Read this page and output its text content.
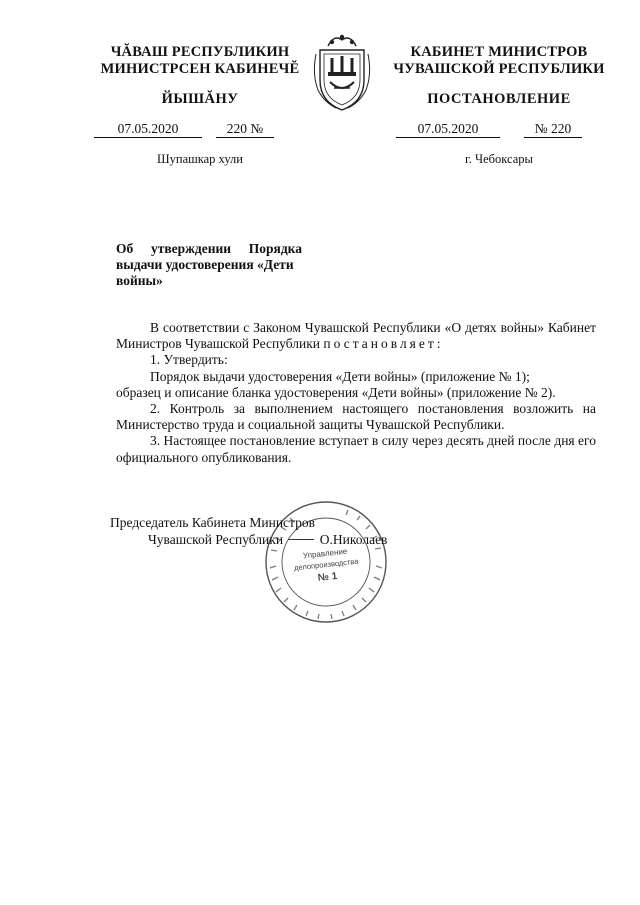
ЧĂВАШ РЕСПУБЛИКИН
МИНИСТРСЕН КАБИНЕЧĔ
ЙЫШĂНУ
07.05.2020	220 №
Шупашкар хули
КАБИНЕТ МИНИСТРОВ
ЧУВАШСКОЙ РЕСПУБЛИКИ
ПОСТАНОВЛЕНИЕ
07.05.2020	№ 220
г. Чебоксары
Об утверждении Порядка
выдачи удостоверения «Дети
войны»

В соответствии с Законом Чувашской Республики «О детях войны» Кабинет Министров Чувашской Республики постановляет:

1. Утвердить:

Порядок выдачи удостоверения «Дети войны» (приложение № 1);

образец и описание бланка удостоверения «Дети войны» (приложение № 2).

2. Контроль за выполнением настоящего постановления возложить на Министерство труда и социальной защиты Чувашской Республики.

3. Настоящее постановление вступает в силу через десять дней после дня его официального опубликования.

Управление
делопроизводства
№ 1
Председатель Кабинета Министров
Чувашской Республики	О.Николаев
